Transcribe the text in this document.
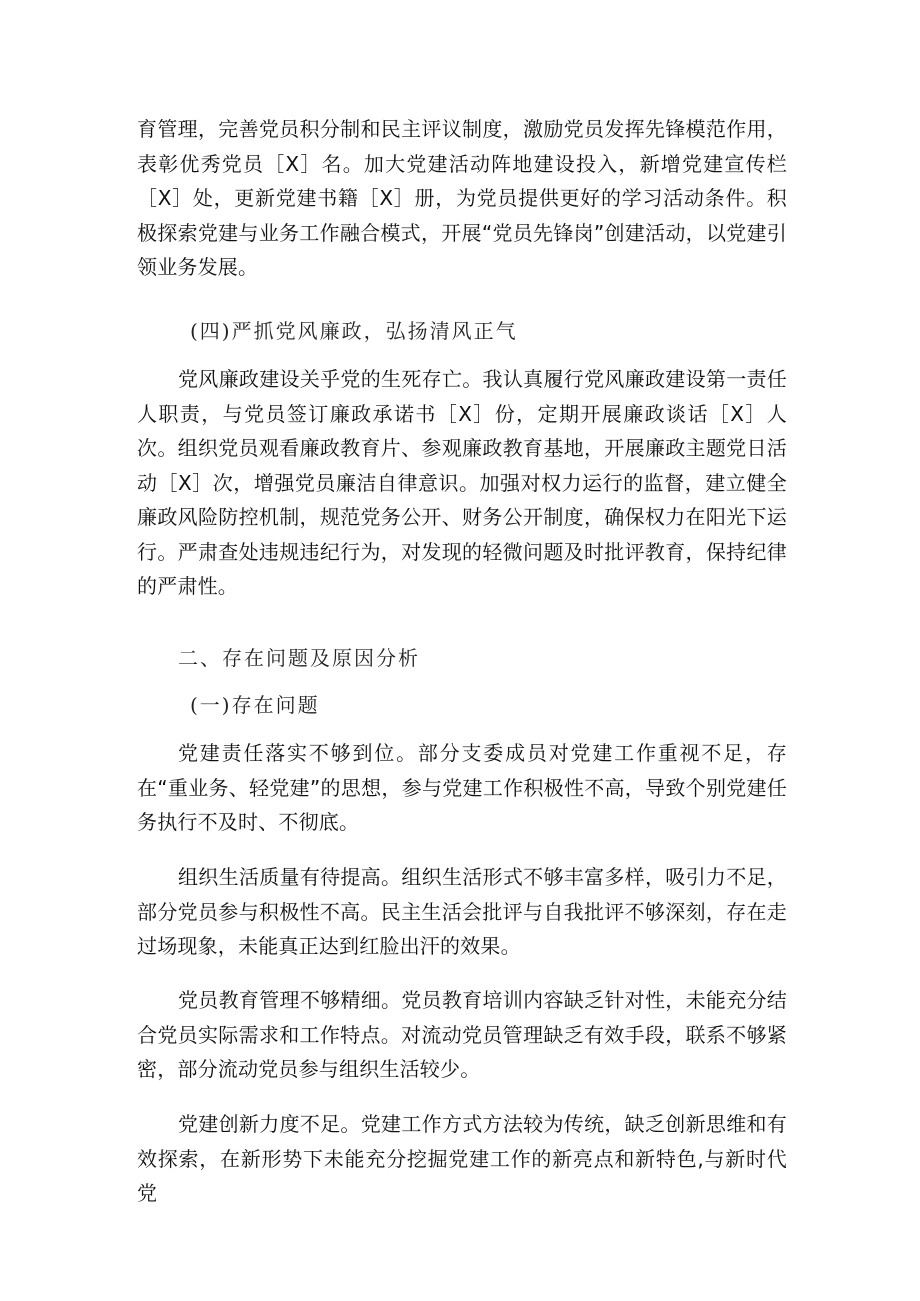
育管理，完善党员积分制和民主评议制度，激励党员发挥先锋模范作用，表彰优秀党员［X］名。加大党建活动阵地建设投入，新增党建宣传栏［X］处，更新党建书籍［X］册，为党员提供更好的学习活动条件。积极探索党建与业务工作融合模式，开展“党员先锋岗”创建活动，以党建引领业务发展。

(四)严抓党风廉政，弘扬清风正气

党风廉政建设关乎党的生死存亡。我认真履行党风廉政建设第一责任人职责，与党员签订廉政承诺书［X］份，定期开展廉政谈话［X］人次。组织党员观看廉政教育片、参观廉政教育基地，开展廉政主题党日活动［X］次，增强党员廉洁自律意识。加强对权力运行的监督，建立健全廉政风险防控机制，规范党务公开、财务公开制度，确保权力在阳光下运行。严肃查处违规违纪行为，对发现的轻微问题及时批评教育，保持纪律的严肃性。

二、存在问题及原因分析

(一)存在问题

党建责任落实不够到位。部分支委成员对党建工作重视不足，存在“重业务、轻党建”的思想，参与党建工作积极性不高，导致个别党建任务执行不及时、不彻底。

组织生活质量有待提高。组织生活形式不够丰富多样，吸引力不足，部分党员参与积极性不高。民主生活会批评与自我批评不够深刻，存在走过场现象，未能真正达到红脸出汗的效果。

党员教育管理不够精细。党员教育培训内容缺乏针对性，未能充分结合党员实际需求和工作特点。对流动党员管理缺乏有效手段，联系不够紧密，部分流动党员参与组织生活较少。

党建创新力度不足。党建工作方式方法较为传统，缺乏创新思维和有效探索，在新形势下未能充分挖掘党建工作的新亮点和新特色,与新时代党
